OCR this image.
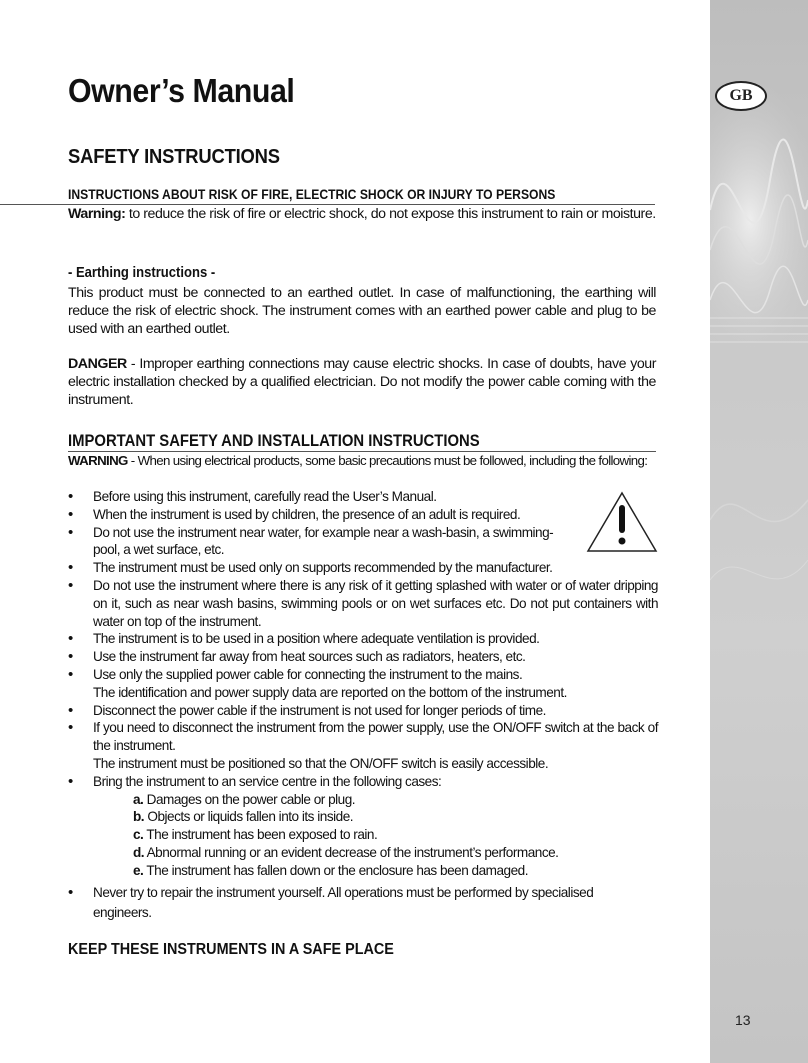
GB
Owner’s Manual
SAFETY INSTRUCTIONS
INSTRUCTIONS ABOUT RISK OF FIRE, ELECTRIC SHOCK OR INJURY TO PERSONS

Warning: to reduce the risk of fire or electric shock, do not expose this instrument to rain or moisture.

- Earthing instructions -

This product must be connected to an earthed outlet. In case of malfunctioning, the earthing will reduce the risk of electric shock. The instrument comes with an earthed power cable and plug to be used with an earthed outlet.

DANGER - Improper earthing connections may cause electric shocks. In case of doubts, have your electric installation checked by a qualified electrician. Do not modify the power cable coming with the instrument.

IMPORTANT SAFETY AND INSTALLATION INSTRUCTIONS

WARNING - When using electrical products, some basic precautions must be followed, including the following:

• Before using this instrument, carefully read the User’s Manual.
• When the instrument is used by children, the presence of an adult is required.
• Do not use the instrument near water, for example near a wash-basin, a swimming-pool, a wet surface, etc.
• The instrument must be used only on supports recommended by the manufacturer.
• Do not use the instrument where there is any risk of it getting splashed with water or of water dripping on it, such as near wash basins, swimming pools or on wet surfaces etc. Do not put containers with water on top of the instrument.
• The instrument is to be used in a position where adequate ventilation is provided.
• Use the instrument far away from heat sources such as radiators, heaters, etc.
• Use only the supplied power cable for connecting the instrument to the mains.
The identification and power supply data are reported on the bottom of the instrument.
• Disconnect the power cable if the instrument is not used for longer periods of time.
• If you need to disconnect the instrument from the power supply, use the ON/OFF switch at the back of the instrument.
The instrument must be positioned so that the ON/OFF switch is easily accessible.
• Bring the instrument to an service centre in the following cases:
a. Damages on the power cable or plug.
b. Objects or liquids fallen into its inside.
c. The instrument has been exposed to rain.
d. Abnormal running or an evident decrease of the instrument’s performance.
e. The instrument has fallen down or the enclosure has been damaged.
• Never try to repair the instrument yourself. All operations must be performed by specialised engineers.
KEEP THESE INSTRUMENTS IN A SAFE PLACE
13
